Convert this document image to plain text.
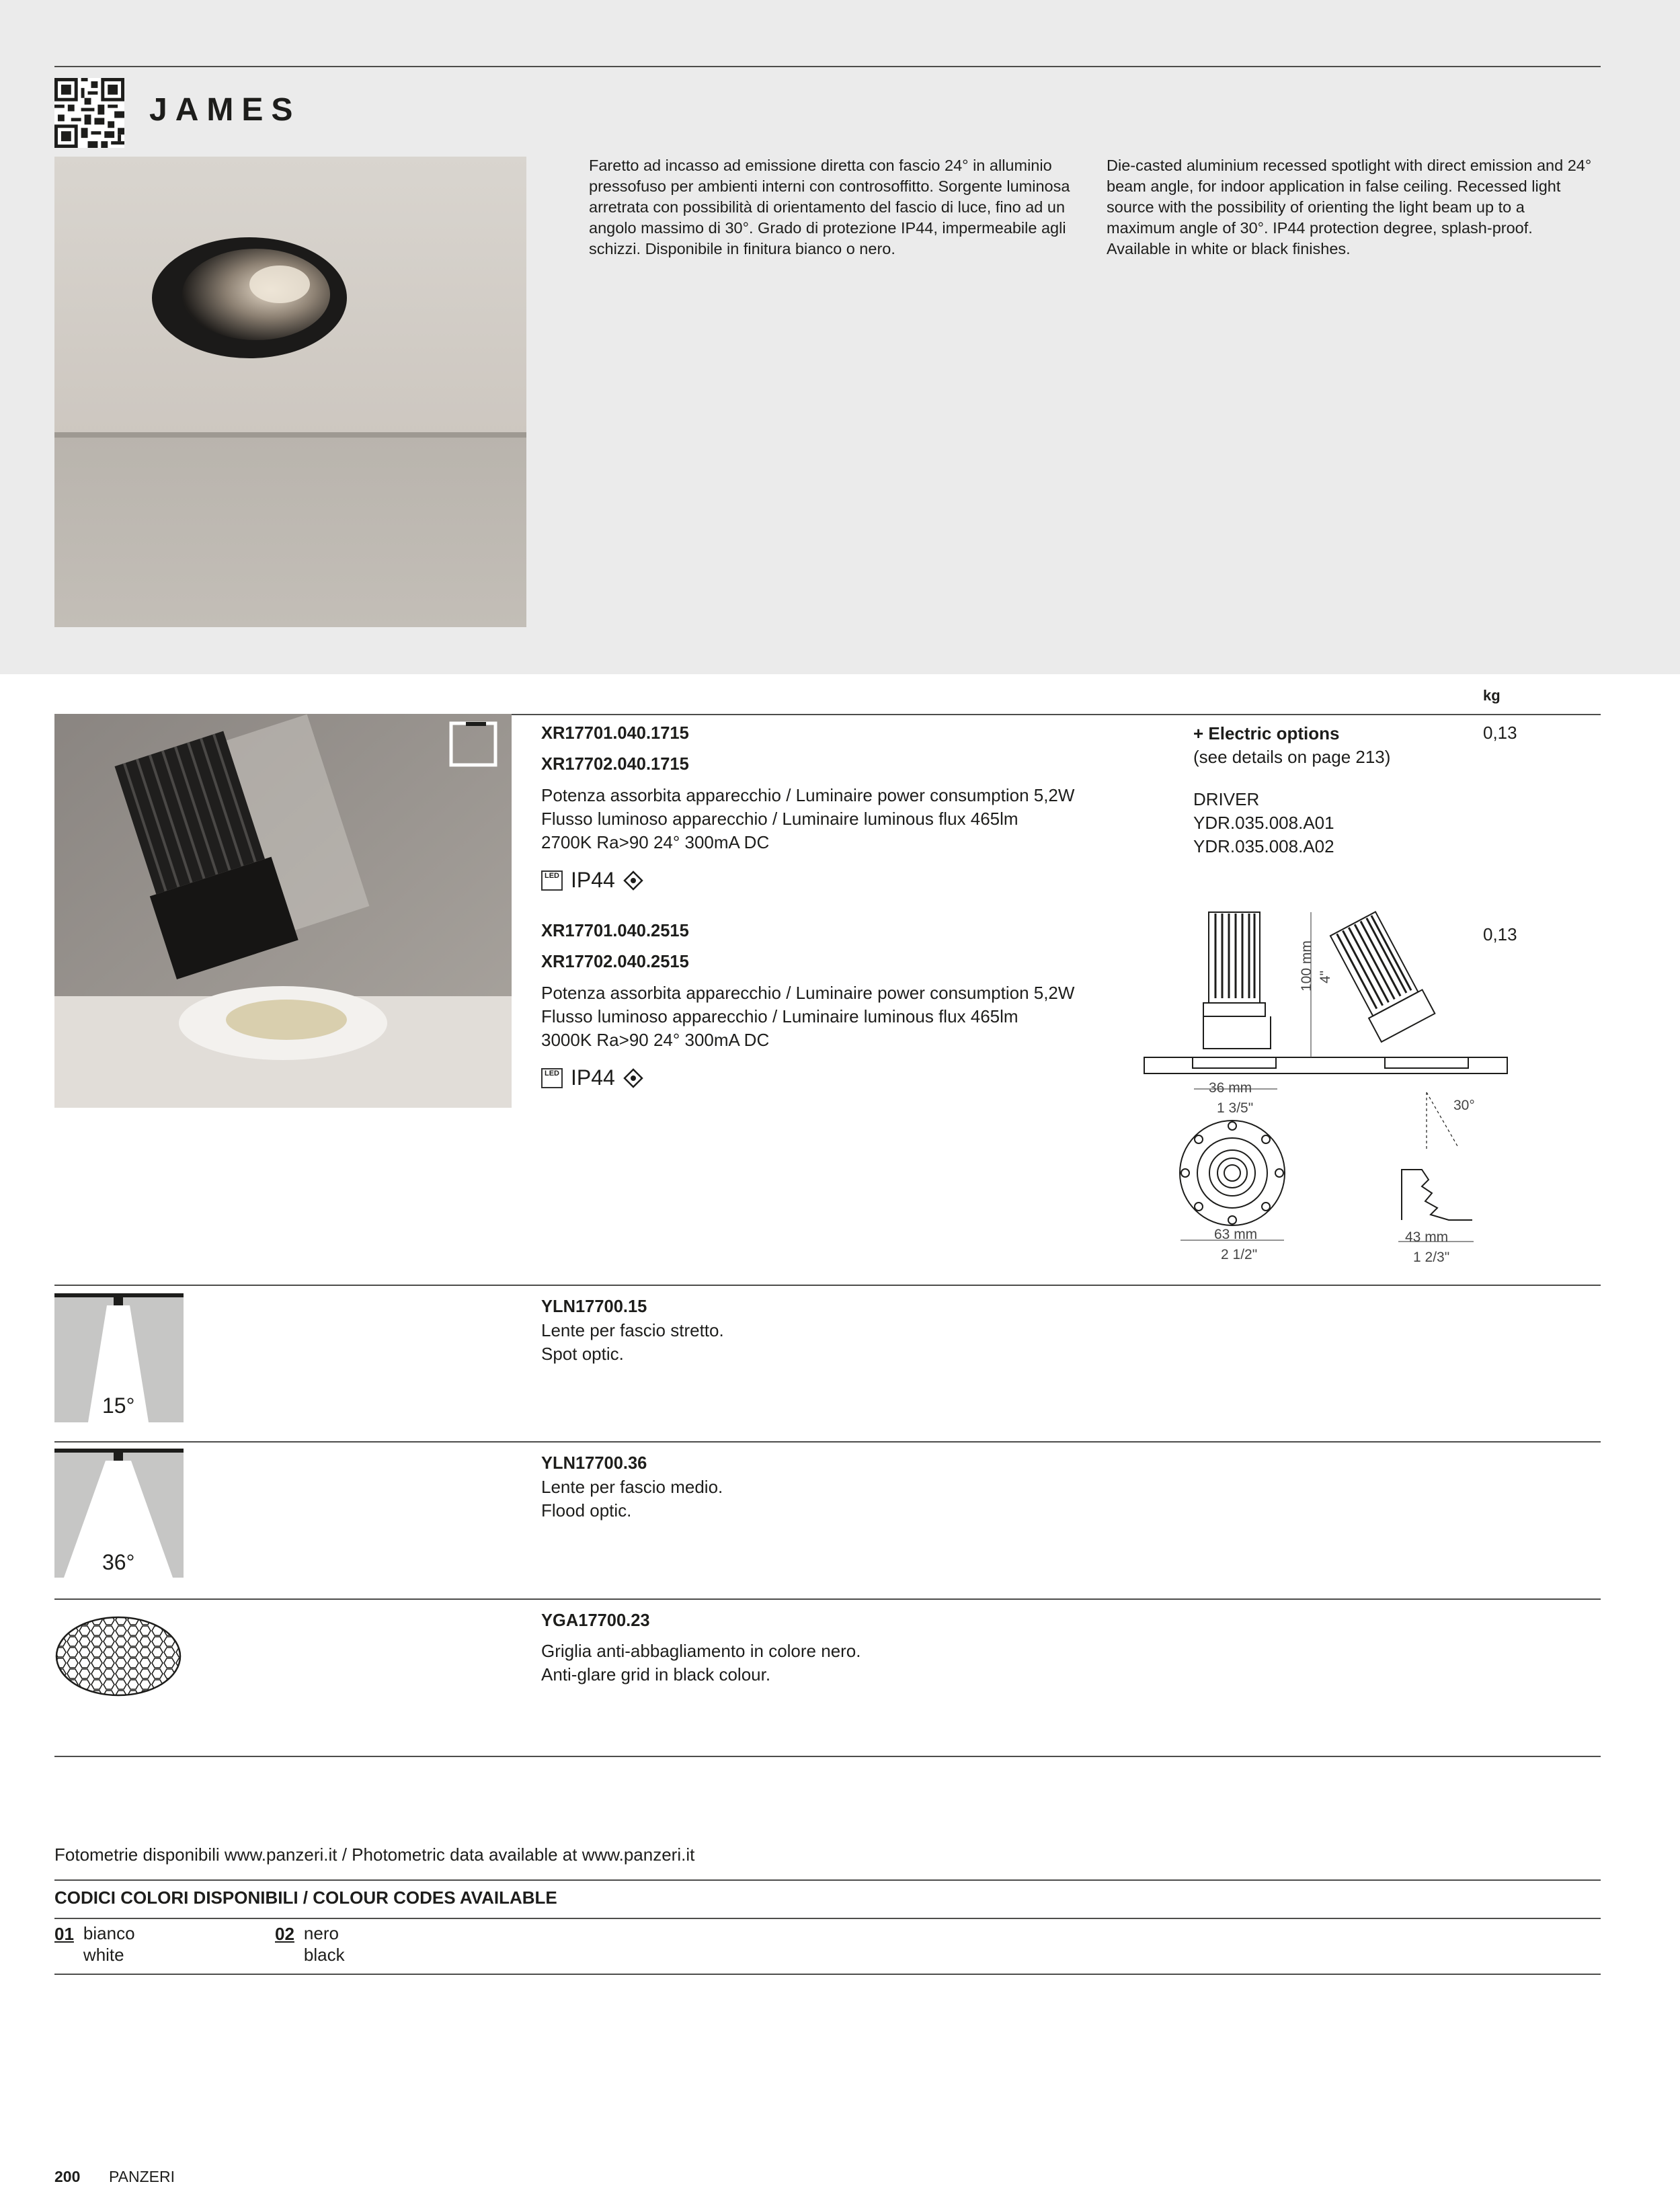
JAMES
Faretto ad incasso ad emissione diretta con fascio 24° in alluminio pressofuso per ambienti interni con controsoffitto. Sorgente luminosa arretrata con possibilità di orientamento del fascio di luce, fino ad un angolo massimo di 30°. Grado di protezione IP44, impermeabile agli schizzi. Disponibile in finitura bianco o nero.
Die-casted aluminium recessed spotlight with direct emission and 24° beam angle, for indoor application in false ceiling. Recessed light source with the possibility of orienting the light beam up to a maximum angle of 30°. IP44 protection degree, splash-proof. Available in white or black finishes.
kg
XR17701.040.1715
XR17702.040.1715
Potenza assorbita apparecchio / Luminaire power consumption 5,2W
Flusso luminoso apparecchio / Luminaire luminous flux 465lm
2700K Ra>90 24° 300mA DC
LED IP44
0,13
+ Electric options
(see details on page 213)
DRIVER
YDR.035.008.A01
YDR.035.008.A02
XR17701.040.2515
XR17702.040.2515
Potenza assorbita apparecchio / Luminaire power consumption 5,2W
Flusso luminoso apparecchio / Luminaire luminous flux 465lm
3000K Ra>90 24° 300mA DC
LED IP44
0,13
100 mm 4"
36 mm
1 3/5"	30°
63 mm
2 1/2"
43 mm
1 2/3"
15°
YLN17700.15
Lente per fascio stretto.
Spot optic.
36°
YLN17700.36
Lente per fascio medio.
Flood optic.
YGA17700.23
Griglia anti-abbagliamento in colore nero.
Anti-glare grid in black colour.
Fotometrie disponibili www.panzeri.it / Photometric data available at www.panzeri.it
CODICI COLORI DISPONIBILI / COLOUR CODES AVAILABLE
01 bianco
white
02 nero
black
200 PANZERI
